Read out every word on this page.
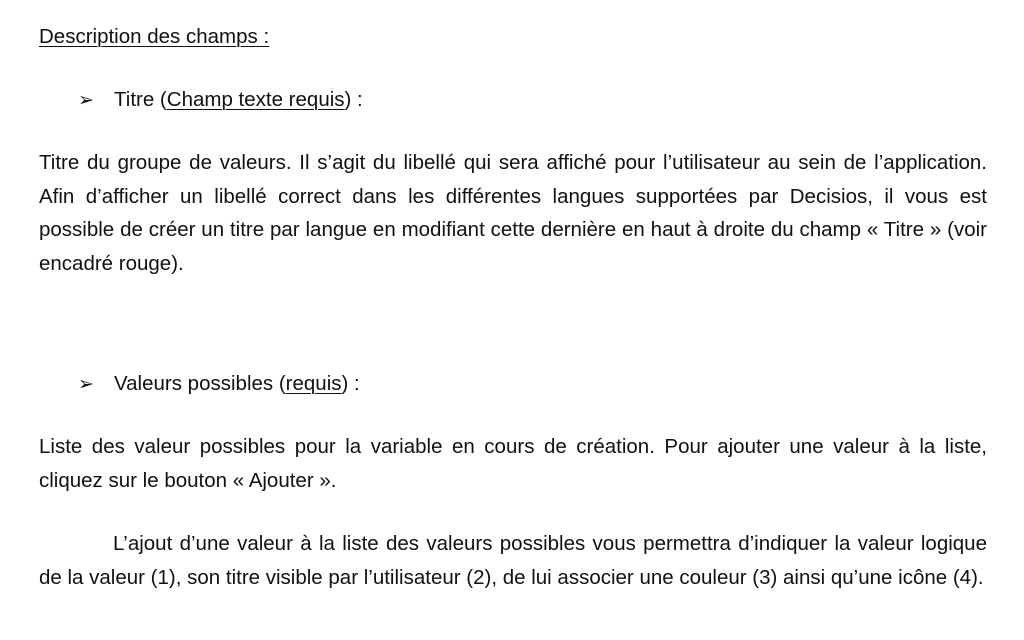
Description des champs :
➢ Titre (Champ texte requis) :

Titre du groupe de valeurs. Il s’agit du libellé qui sera affiché pour l’utilisateur au sein de l’application. Afin d’afficher un libellé correct dans les différentes langues supportées par Decisios, il vous est possible de créer un titre par langue en modifiant cette dernière en haut à droite du champ « Titre » (voir encadré rouge).

➢ Valeurs possibles (requis) :

Liste des valeur possibles pour la variable en cours de création. Pour ajouter une valeur à la liste, cliquez sur le bouton « Ajouter ».

L’ajout d’une valeur à la liste des valeurs possibles vous permettra d’indiquer la valeur logique de la valeur (1), son titre visible par l’utilisateur (2), de lui associer une couleur (3) ainsi qu’une icône (4).
